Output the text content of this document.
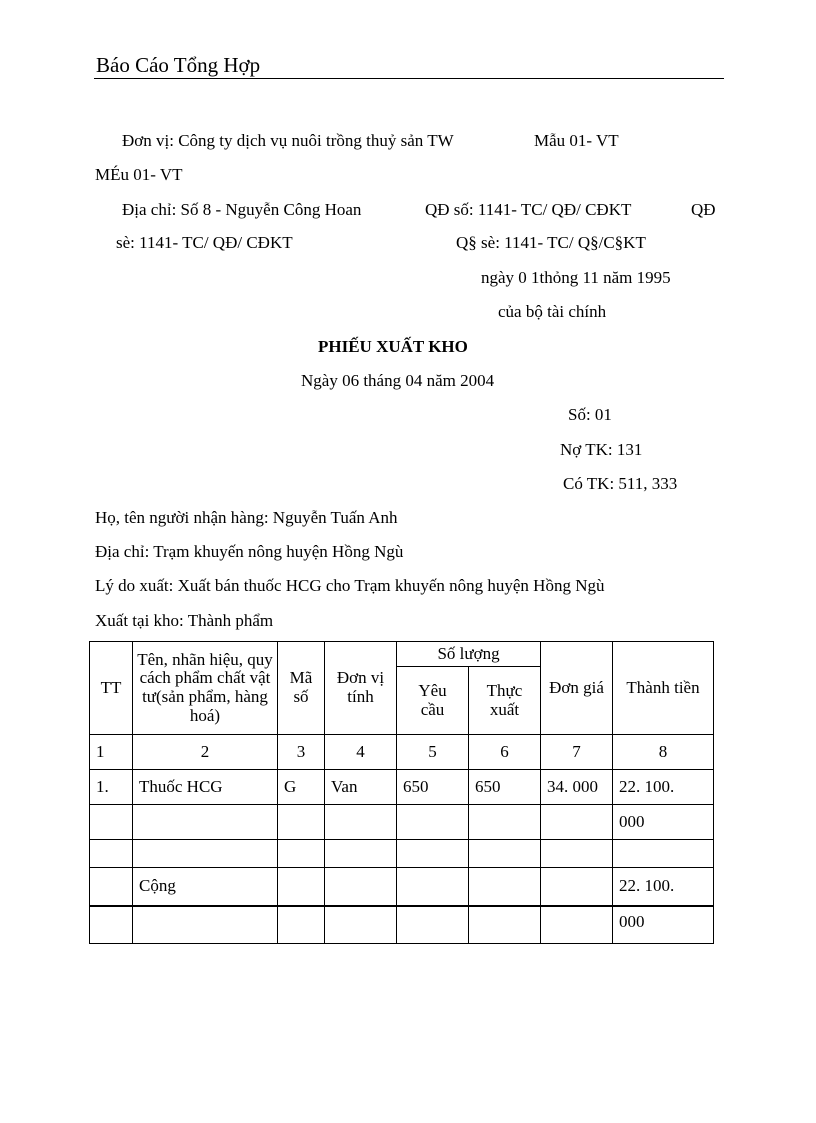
Báo Cáo Tổng Hợp
Đơn vị: Công ty dịch vụ nuôi trồng thuỷ sản TW	Mẫu 01- VT
MÉu 01- VT
Địa chỉ: Số 8 - Nguyễn Công Hoan	QĐ số: 1141- TC/ QĐ/ CĐKT	QĐ
sè: 1141- TC/ QĐ/ CĐKT	Q§ sè: 1141- TC/ Q§/C§KT
ngày 0 1thỏng 11 năm 1995
của bộ tài chính
PHIẾU XUẤT KHO
Ngày 06 tháng 04 năm 2004
Số: 01
Nợ TK: 131
Có TK: 511, 333
Họ, tên người nhận hàng: Nguyễn Tuấn Anh
Địa chỉ: Trạm khuyến nông huyện Hồng Ngù
Lý do xuất: Xuất bán thuốc HCG cho Trạm khuyến nông huyện Hồng Ngù
Xuất tại kho: Thành phẩm
TT	Tên, nhãn hiệu, quy cách phẩm chất vật tư(sản phẩm, hàng hoá)	Mã số	Đơn vị tính	Số lượng		Đơn giá	Thành tiền
				Yêu cầu	Thực xuất		
1	2	3	4	5	6	7	8
1.	Thuốc HCG	G	Van	650	650	34. 000	22. 100.
							000

	Cộng						22. 100.
							000
